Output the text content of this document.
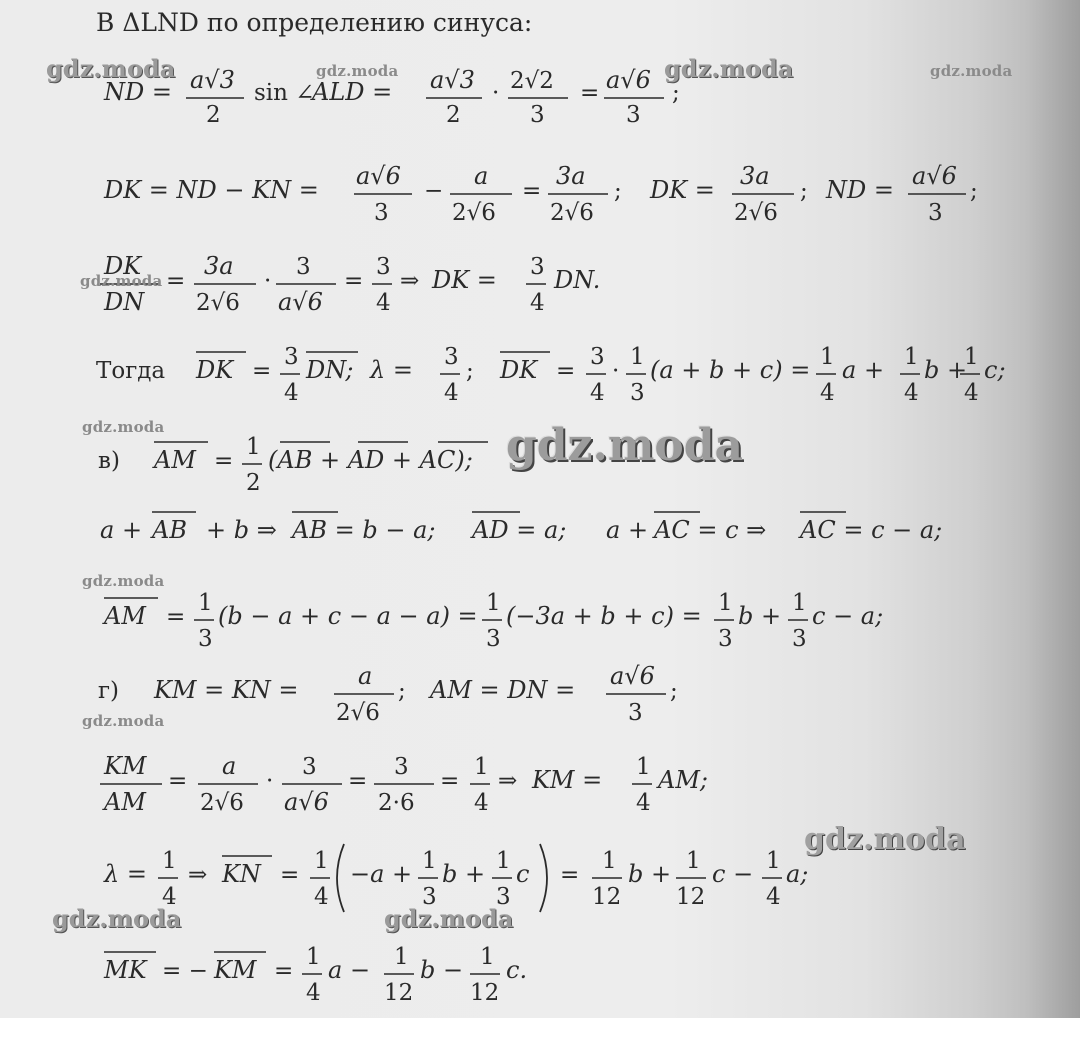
В ΔLND по определению синуса:
ND = a√3
2
sin ∠
ALD = a√3
2
· 2√2
3
= a√6
3
;
DK = ND − KN = a√6
3
−
a
2√6
=
3a
2√6
; DK = 3a
2√6
; ND = a√6
3
;
DK
DN
=
3a
2√6
·
3
a√6
=
3
4
⇒ DK = 3
4
DN.
Тогда DK =
3
4
DN; λ = 3
4
; DK =
3
4
·
1
3
(a + b + c) = 1
4
a + 1
4
b +
1
4
c;
в) AM =
1
2
(AB + AD + AC);
a + AB + b ⇒ AB = b − a; AD = a; a + AC = c ⇒ AC = c − a;
AM =
1
3
(b − a + c − a − a) = 1
3
(−3a + b + c) = 1
3
b + 1
3
c − a;
г) KM = KN = a
2√6
; AM = DN = a√6
3
;
KM
AM
=
a
2√6
·
3
a√6
=
3
2·6
=
1
4
⇒ KM = 1
4
AM;
λ = 1
4
⇒ KN =
1
4
−a + 1
3
b + 1
3
c =
1
12
b + 1
12
c − 1
4
a;
MK = − KM =
1
4
a − 1
12
b − 1
12
c.
gdz.moda	gdz.moda	gdz.moda	gdz.moda
gdz.moda
gdz.moda	gdz.moda
gdz.moda
gdz.moda
gdz.moda
gdz.moda	gdz.moda
